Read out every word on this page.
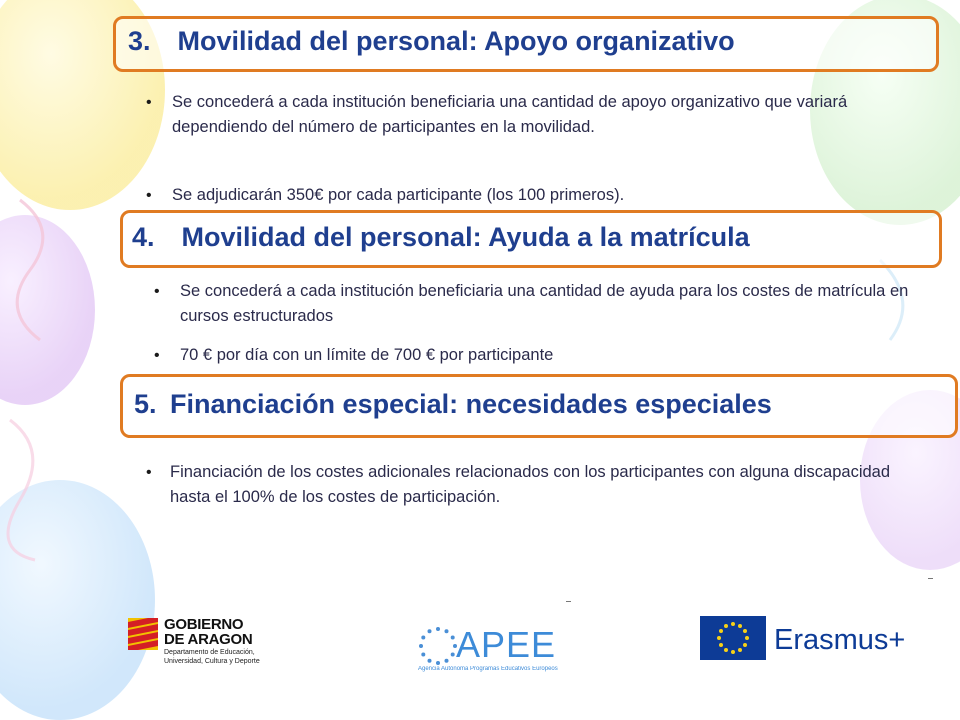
3. Movilidad del personal: Apoyo organizativo
• Se concederá a cada institución beneficiaria una cantidad de apoyo organizativo que variará dependiendo del número de participantes en la movilidad.
• Se adjudicarán 350€ por cada participante (los 100 primeros).
4. Movilidad del personal: Ayuda a la matrícula
• Se concederá a cada institución beneficiaria una cantidad de ayuda para los costes de matrícula en cursos estructurados
• 70 € por día con un límite de 700 € por participante
5. Financiación especial: necesidades especiales
• Financiación de los costes adicionales relacionados con los participantes con alguna discapacidad hasta el 100% de los costes de participación.
GOBIERNO
DE ARAGON
Departamento de Educación,
Universidad, Cultura y Deporte	APEE
Agencia Autónoma Programas Educativos Europeos
Erasmus+
